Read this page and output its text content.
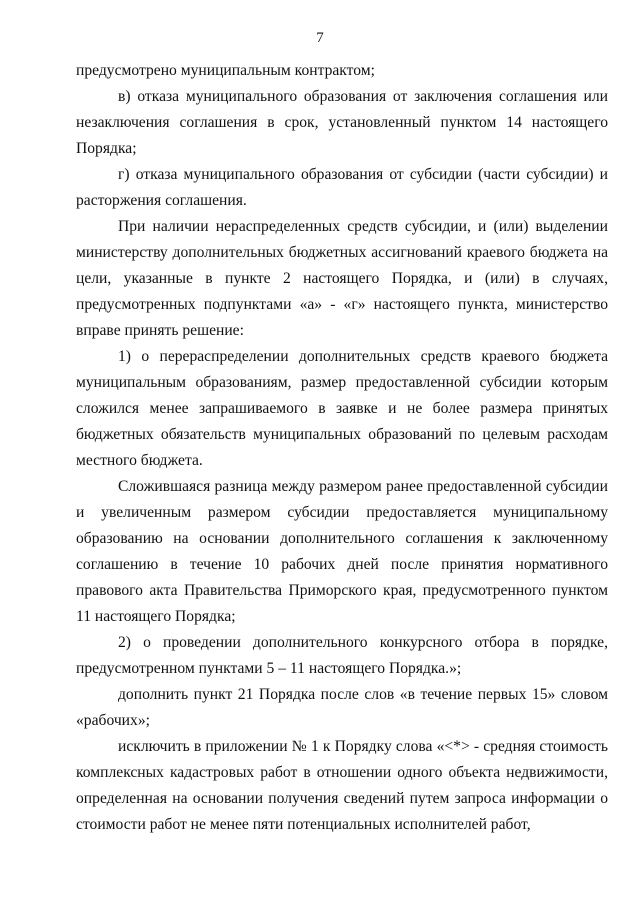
7

предусмотрено муниципальным контрактом;

в) отказа муниципального образования от заключения соглашения или незаключения соглашения в срок, установленный пунктом 14 настоящего Порядка;

г) отказа муниципального образования от субсидии (части субсидии) и расторжения соглашения.

При наличии нераспределенных средств субсидии, и (или) выделении министерству дополнительных бюджетных ассигнований краевого бюджета на цели, указанные в пункте 2 настоящего Порядка, и (или) в случаях, предусмотренных подпунктами «а» - «г» настоящего пункта, министерство вправе принять решение:

1) о перераспределении дополнительных средств краевого бюджета муниципальным образованиям, размер предоставленной субсидии которым сложился менее запрашиваемого в заявке и не более размера принятых бюджетных обязательств муниципальных образований по целевым расходам местного бюджета.

Сложившаяся разница между размером ранее предоставленной субсидии и увеличенным размером субсидии предоставляется муниципальному образованию на основании дополнительного соглашения к заключенному соглашению в течение 10 рабочих дней после принятия нормативного правового акта Правительства Приморского края, предусмотренного пунктом 11 настоящего Порядка;

2) о проведении дополнительного конкурсного отбора в порядке, предусмотренном пунктами 5 – 11 настоящего Порядка.»;

дополнить пункт 21 Порядка после слов «в течение первых 15» словом «рабочих»;

исключить в приложении № 1 к Порядку слова «<*> - средняя стоимость комплексных кадастровых работ в отношении одного объекта недвижимости, определенная на основании получения сведений путем запроса информации о стоимости работ не менее пяти потенциальных исполнителей работ,
